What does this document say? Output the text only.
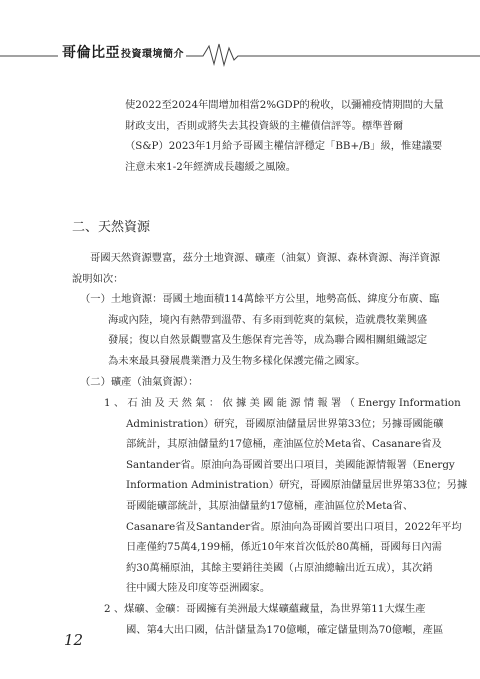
哥倫比亞投資環境簡介
使2022至2024年間增加相當2%GDP的稅收，以彌補疫情期間的大量
財政支出，否則或將失去其投資級的主權債信評等。標準普爾
（S&P）2023年1月給予哥國主權信評穩定「BB+/B」級，惟建議要
注意未來1-2年經濟成長趨緩之風險。
二、天然資源
哥國天然資源豐富，茲分土地資源、礦產（油氣）資源、森林資源、海洋資源
說明如次：
（一）土地資源：哥國土地面積114萬餘平方公里，地勢高低、緯度分布廣、臨
海或內陸，境內有熱帶到溫帶、有多雨到乾爽的氣候，造就農牧業興盛
發展；復以自然景觀豐富及生態保育完善等，成為聯合國相關組織認定
為未來最具發展農業潛力及生物多樣化保護完備之國家。
（二）礦產（油氣資源）：
1 、 石 油 及 天 然 氣 ： 依 據 美 國 能 源 情 報 署 （ Energy Information
Administration）研究，哥國原油儲量居世界第33位；另據哥國能礦
部統計，其原油儲量約17億桶，產油區位於Meta省、Casanare省及
Santander省。原油向為哥國首要出口項目，美國能源情報署（Energy
Information Administration）研究，哥國原油儲量居世界第33位；另據
哥國能礦部統計，其原油儲量約17億桶，產油區位於Meta省、
Casanare省及Santander省。原油向為哥國首要出口項目，2022年平均
日產僅約75萬4,199桶，係近10年來首次低於80萬桶，哥國每日內需
約30萬桶原油，其餘主要銷往美國（占原油總輸出近五成），其次銷
往中國大陸及印度等亞洲國家。
2 、煤礦、金礦：哥國擁有美洲最大煤礦蘊藏量，為世界第11大煤生產
國、第4大出口國，估計儲量為170億噸，確定儲量則為70億噸，產區
12
